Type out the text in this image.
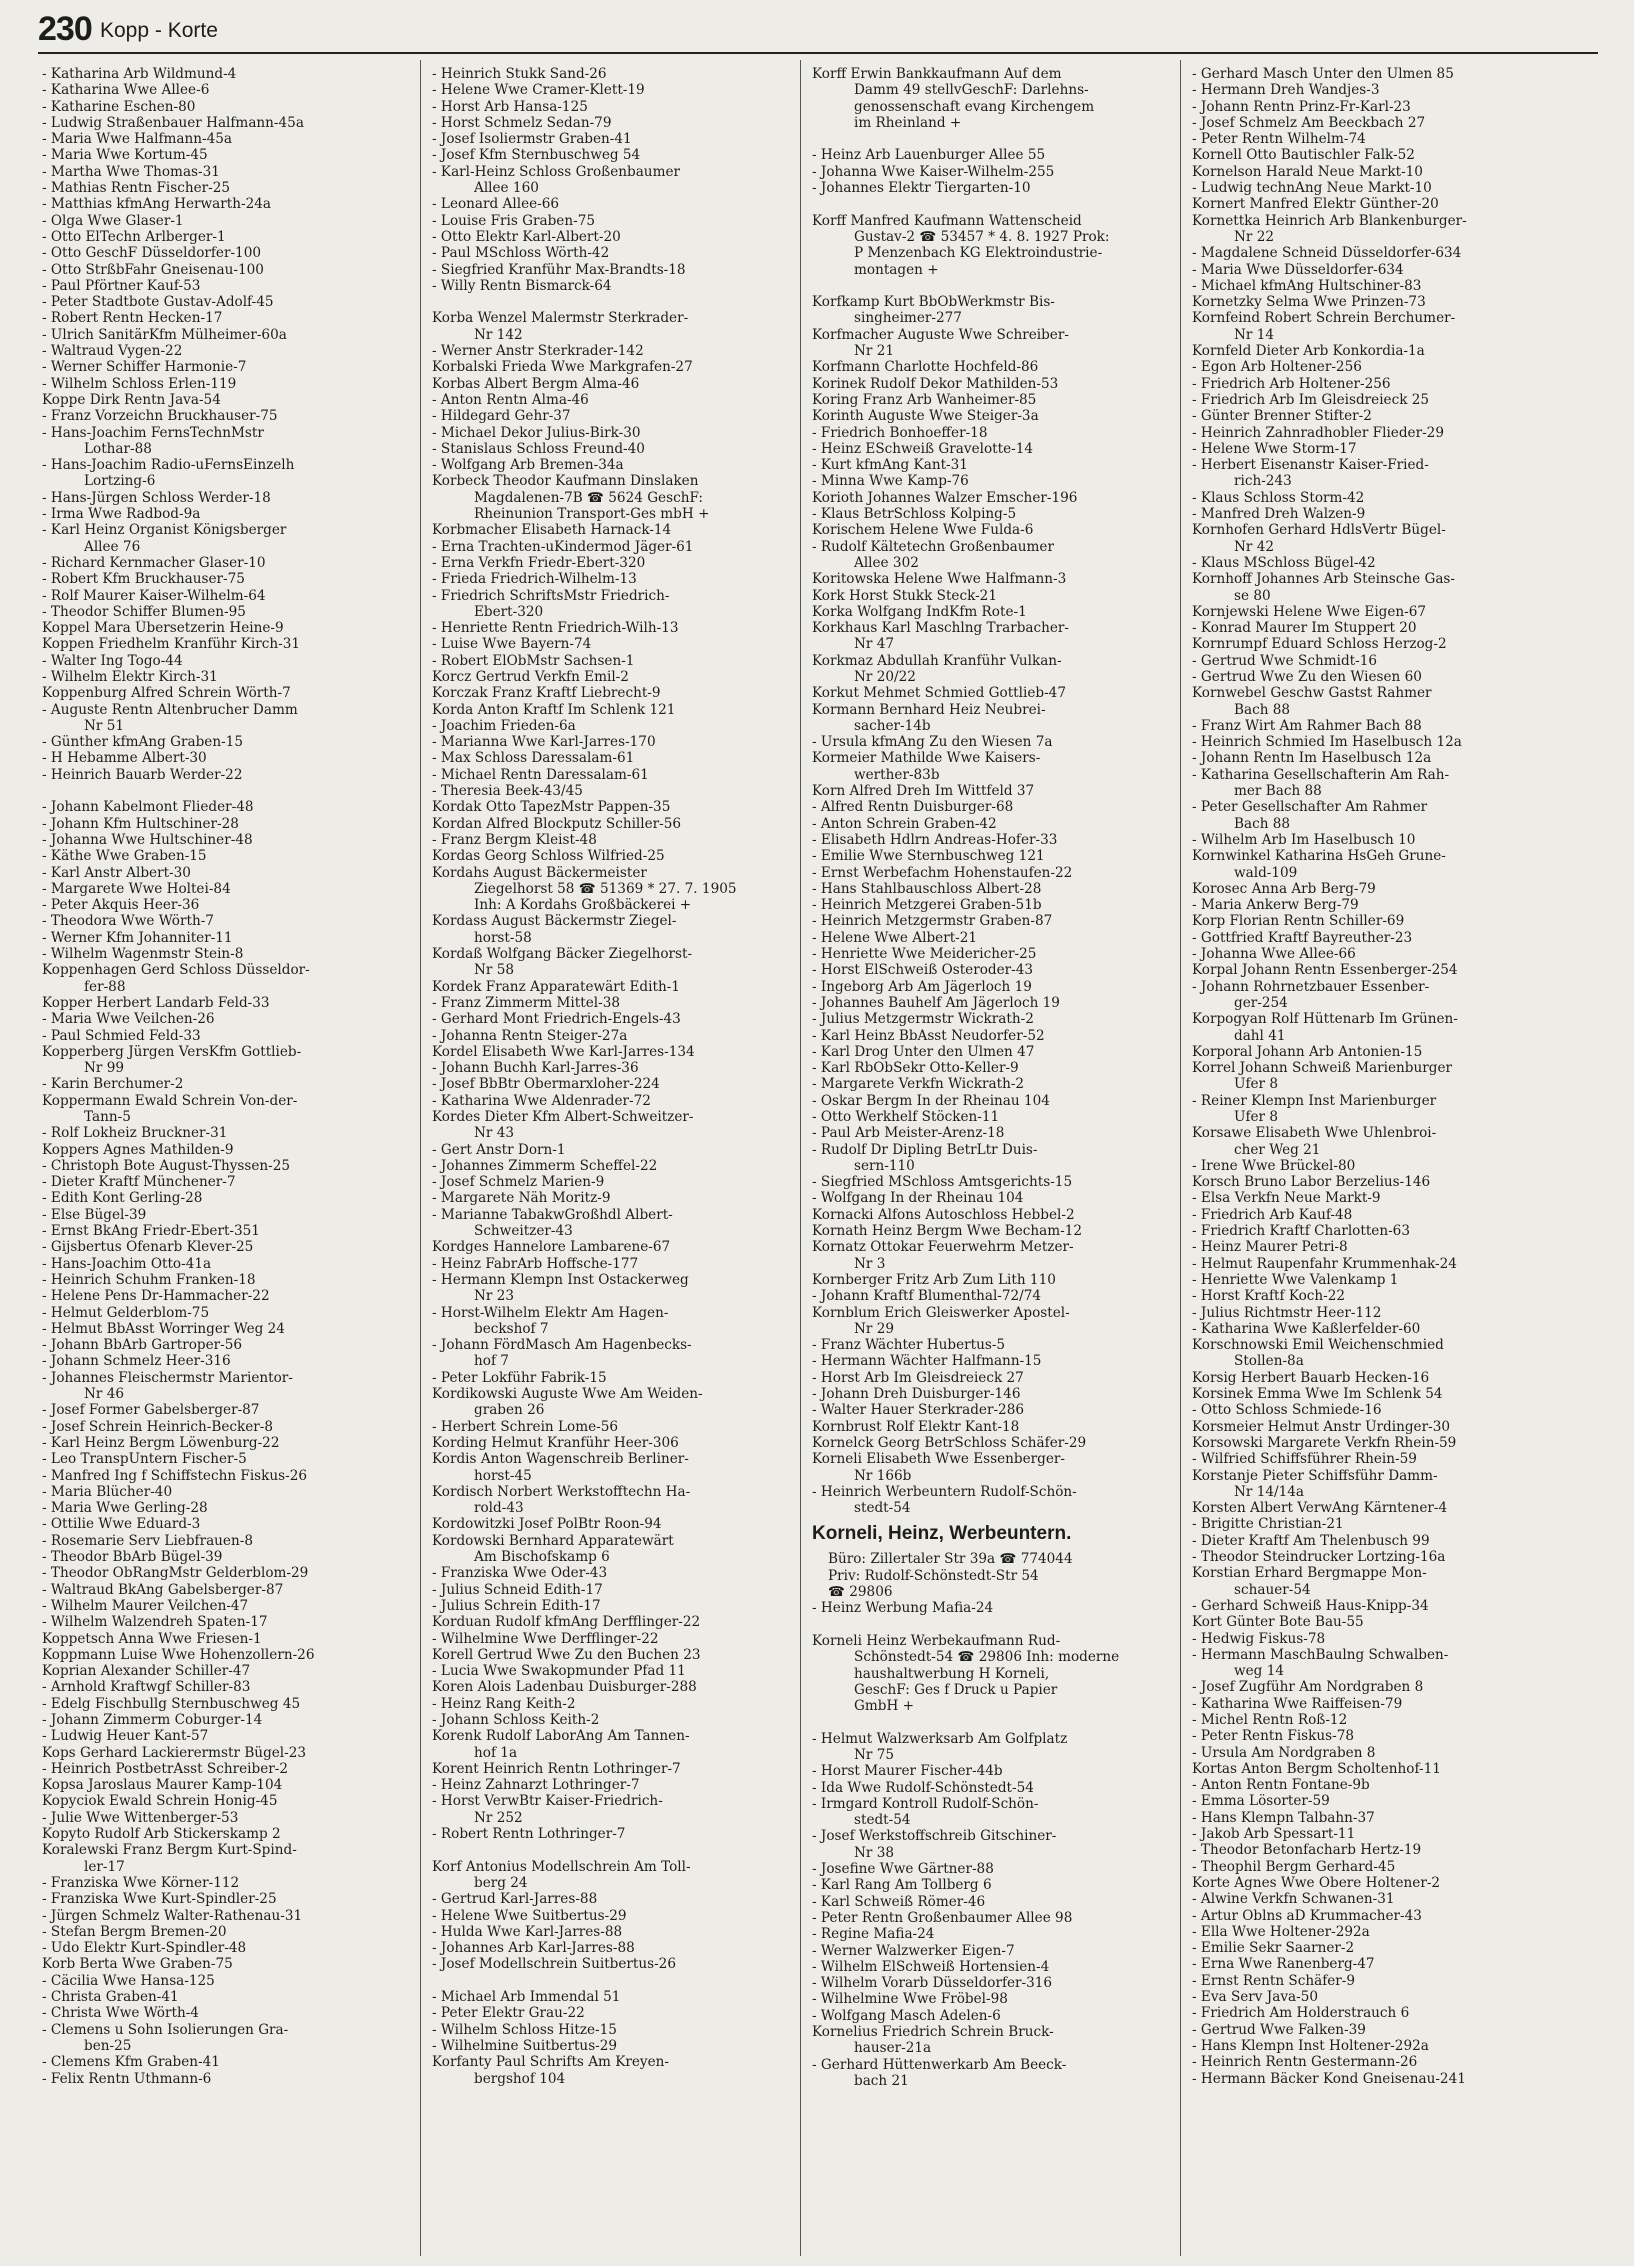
230 Kopp - Korte
- Katharina Arb Wildmund-4
- Katharina Wwe Allee-6
- Katharine Eschen-80
- Ludwig Straßenbauer Halfmann-45a
- Maria Wwe Halfmann-45a
- Maria Wwe Kortum-45
- Martha Wwe Thomas-31
- Mathias Rentn Fischer-25
- Matthias kfmAng Herwarth-24a
- Olga Wwe Glaser-1
- Otto ElTechn Arlberger-1
- Otto GeschF Düsseldorfer-100
- Otto StrßbFahr Gneisenau-100
- Paul Pförtner Kauf-53
- Peter Stadtbote Gustav-Adolf-45
- Robert Rentn Hecken-17
- Ulrich SanitärKfm Mülheimer-60a
- Waltraud Vygen-22
- Werner Schiffer Harmonie-7
- Wilhelm Schloss Erlen-119
Koppe Dirk Rentn Java-54
- Franz Vorzeichn Bruckhauser-75
- Hans-Joachim FernsTechnMstr
Lothar-88
- Hans-Joachim Radio-uFernsEinzelh
Lortzing-6
- Hans-Jürgen Schloss Werder-18
- Irma Wwe Radbod-9a
- Karl Heinz Organist Königsberger
Allee 76
- Richard Kernmacher Glaser-10
- Robert Kfm Bruckhauser-75
- Rolf Maurer Kaiser-Wilhelm-64
- Theodor Schiffer Blumen-95
Koppel Mara Übersetzerin Heine-9
Koppen Friedhelm Kranführ Kirch-31
- Walter Ing Togo-44
- Wilhelm Elektr Kirch-31
Koppenburg Alfred Schrein Wörth-7
- Auguste Rentn Altenbrucher Damm
Nr 51
- Günther kfmAng Graben-15
- H Hebamme Albert-30
- Heinrich Bauarb Werder-22

- Johann Kabelmont Flieder-48
- Johann Kfm Hultschiner-28
- Johanna Wwe Hultschiner-48
- Käthe Wwe Graben-15
- Karl Anstr Albert-30
- Margarete Wwe Holtei-84
- Peter Akquis Heer-36
- Theodora Wwe Wörth-7
- Werner Kfm Johanniter-11
- Wilhelm Wagenmstr Stein-8
Koppenhagen Gerd Schloss Düsseldor-
fer-88
Kopper Herbert Landarb Feld-33
- Maria Wwe Veilchen-26
- Paul Schmied Feld-33
Kopperberg Jürgen VersKfm Gottlieb-
Nr 99
- Karin Berchumer-2
Koppermann Ewald Schrein Von-der-
Tann-5
- Rolf Lokheiz Bruckner-31
Koppers Agnes Mathilden-9
- Christoph Bote August-Thyssen-25
- Dieter Kraftf Münchener-7
- Edith Kont Gerling-28
- Else Bügel-39
- Ernst BkAng Friedr-Ebert-351
- Gijsbertus Ofenarb Klever-25
- Hans-Joachim Otto-41a
- Heinrich Schuhm Franken-18
- Helene Pens Dr-Hammacher-22
- Helmut Gelderblom-75
- Helmut BbAsst Worringer Weg 24
- Johann BbArb Gartroper-56
- Johann Schmelz Heer-316
- Johannes Fleischermstr Marientor-
Nr 46
- Josef Former Gabelsberger-87
- Josef Schrein Heinrich-Becker-8
- Karl Heinz Bergm Löwenburg-22
- Leo TranspUntern Fischer-5
- Manfred Ing f Schiffstechn Fiskus-26
- Maria Blücher-40
- Maria Wwe Gerling-28
- Ottilie Wwe Eduard-3
- Rosemarie Serv Liebfrauen-8
- Theodor BbArb Bügel-39
- Theodor ObRangMstr Gelderblom-29
- Waltraud BkAng Gabelsberger-87
- Wilhelm Maurer Veilchen-47
- Wilhelm Walzendreh Spaten-17
Koppetsch Anna Wwe Friesen-1
Koppmann Luise Wwe Hohenzollern-26
Koprian Alexander Schiller-47
- Arnhold Kraftwgf Schiller-83
- Edelg Fischbullg Sternbuschweg 45
- Johann Zimmerm Coburger-14
- Ludwig Heuer Kant-57
Kops Gerhard Lackierermstr Bügel-23
- Heinrich PostbetrAsst Schreiber-2
Kopsa Jaroslaus Maurer Kamp-104
Kopyciok Ewald Schrein Honig-45
- Julie Wwe Wittenberger-53
Kopyto Rudolf Arb Stickerskamp 2
Koralewski Franz Bergm Kurt-Spind-
ler-17
- Franziska Wwe Körner-112
- Franziska Wwe Kurt-Spindler-25
- Jürgen Schmelz Walter-Rathenau-31
- Stefan Bergm Bremen-20
- Udo Elektr Kurt-Spindler-48
Korb Berta Wwe Graben-75
- Cäcilia Wwe Hansa-125
- Christa Graben-41
- Christa Wwe Wörth-4
- Clemens u Sohn Isolierungen Gra-
ben-25
- Clemens Kfm Graben-41
- Felix Rentn Uthmann-6
- Heinrich Stukk Sand-26
- Helene Wwe Cramer-Klett-19
- Horst Arb Hansa-125
- Horst Schmelz Sedan-79
- Josef Isoliermstr Graben-41
- Josef Kfm Sternbuschweg 54
- Karl-Heinz Schloss Großenbaumer
Allee 160
- Leonard Allee-66
- Louise Fris Graben-75
- Otto Elektr Karl-Albert-20
- Paul MSchloss Wörth-42
- Siegfried Kranführ Max-Brandts-18
- Willy Rentn Bismarck-64

Korba Wenzel Malermstr Sterkrader-
Nr 142
- Werner Anstr Sterkrader-142
Korbalski Frieda Wwe Markgrafen-27
Korbas Albert Bergm Alma-46
- Anton Rentn Alma-46
- Hildegard Gehr-37
- Michael Dekor Julius-Birk-30
- Stanislaus Schloss Freund-40
- Wolfgang Arb Bremen-34a
Korbeck Theodor Kaufmann Dinslaken
Magdalenen-7B ☎ 5624 GeschF:
Rheinunion Transport-Ges mbH +
Korbmacher Elisabeth Harnack-14
- Erna Trachten-uKindermod Jäger-61
- Erna Verkfn Friedr-Ebert-320
- Frieda Friedrich-Wilhelm-13
- Friedrich SchriftsMstr Friedrich-
Ebert-320
- Henriette Rentn Friedrich-Wilh-13
- Luise Wwe Bayern-74
- Robert ElObMstr Sachsen-1
Korcz Gertrud Verkfn Emil-2
Korczak Franz Kraftf Liebrecht-9
Korda Anton Kraftf Im Schlenk 121
- Joachim Frieden-6a
- Marianna Wwe Karl-Jarres-170
- Max Schloss Daressalam-61
- Michael Rentn Daressalam-61
- Theresia Beek-43/45
Kordak Otto TapezMstr Pappen-35
Kordan Alfred Blockputz Schiller-56
- Franz Bergm Kleist-48
Kordas Georg Schloss Wilfried-25
Kordahs August Bäckermeister
Ziegelhorst 58 ☎ 51369 * 27. 7. 1905
Inh: A Kordahs Großbäckerei +
Kordass August Bäckermstr Ziegel-
horst-58
Kordaß Wolfgang Bäcker Ziegelhorst-
Nr 58
Kordek Franz Apparatewärt Edith-1
- Franz Zimmerm Mittel-38
- Gerhard Mont Friedrich-Engels-43
- Johanna Rentn Steiger-27a
Kordel Elisabeth Wwe Karl-Jarres-134
- Johann Buchh Karl-Jarres-36
- Josef BbBtr Obermarxloher-224
- Katharina Wwe Aldenrader-72
Kordes Dieter Kfm Albert-Schweitzer-
Nr 43
- Gert Anstr Dorn-1
- Johannes Zimmerm Scheffel-22
- Josef Schmelz Marien-9
- Margarete Näh Moritz-9
- Marianne TabakwGroßhdl Albert-
Schweitzer-43
Kordges Hannelore Lambarene-67
- Heinz FabrArb Hoffsche-177
- Hermann Klempn Inst Ostackerweg
Nr 23
- Horst-Wilhelm Elektr Am Hagen-
beckshof 7
- Johann FördMasch Am Hagenbecks-
hof 7
- Peter Lokführ Fabrik-15
Kordikowski Auguste Wwe Am Weiden-
graben 26
- Herbert Schrein Lome-56
Kording Helmut Kranführ Heer-306
Kordis Anton Wagenschreib Berliner-
horst-45
Kordisch Norbert Werkstofftechn Ha-
rold-43
Kordowitzki Josef PolBtr Roon-94
Kordowski Bernhard Apparatewärt
Am Bischofskamp 6
- Franziska Wwe Oder-43
- Julius Schneid Edith-17
- Julius Schrein Edith-17
Korduan Rudolf kfmAng Derfflinger-22
- Wilhelmine Wwe Derfflinger-22
Korell Gertrud Wwe Zu den Buchen 23
- Lucia Wwe Swakopmunder Pfad 11
Koren Alois Ladenbau Duisburger-288
- Heinz Rang Keith-2
- Johann Schloss Keith-2
Korenk Rudolf LaborAng Am Tannen-
hof 1a
Korent Heinrich Rentn Lothringer-7
- Heinz Zahnarzt Lothringer-7
- Horst VerwBtr Kaiser-Friedrich-
Nr 252
- Robert Rentn Lothringer-7

Korf Antonius Modellschrein Am Toll-
berg 24
- Gertrud Karl-Jarres-88
- Helene Wwe Suitbertus-29
- Hulda Wwe Karl-Jarres-88
- Johannes Arb Karl-Jarres-88
- Josef Modellschrein Suitbertus-26

- Michael Arb Immendal 51
- Peter Elektr Grau-22
- Wilhelm Schloss Hitze-15
- Wilhelmine Suitbertus-29
Korfanty Paul Schrifts Am Kreyen-
bergshof 104
Korff Erwin Bankkaufmann Auf dem
Damm 49 stellvGeschF: Darlehns-
genossenschaft evang Kirchengem
im Rheinland +

- Heinz Arb Lauenburger Allee 55
- Johanna Wwe Kaiser-Wilhelm-255
- Johannes Elektr Tiergarten-10

Korff Manfred Kaufmann Wattenscheid
Gustav-2 ☎ 53457 * 4. 8. 1927 Prok:
P Menzenbach KG Elektroindustrie-
montagen +

Korfkamp Kurt BbObWerkmstr Bis-
singheimer-277
Korfmacher Auguste Wwe Schreiber-
Nr 21
Korfmann Charlotte Hochfeld-86
Korinek Rudolf Dekor Mathilden-53
Koring Franz Arb Wanheimer-85
Korinth Auguste Wwe Steiger-3a
- Friedrich Bonhoeffer-18
- Heinz ESchweiß Gravelotte-14
- Kurt kfmAng Kant-31
- Minna Wwe Kamp-76
Korioth Johannes Walzer Emscher-196
- Klaus BetrSchloss Kolping-5
Korischem Helene Wwe Fulda-6
- Rudolf Kältetechn Großenbaumer
Allee 302
Koritowska Helene Wwe Halfmann-3
Kork Horst Stukk Steck-21
Korka Wolfgang IndKfm Rote-1
Korkhaus Karl Maschlng Trarbacher-
Nr 47
Korkmaz Abdullah Kranführ Vulkan-
Nr 20/22
Korkut Mehmet Schmied Gottlieb-47
Kormann Bernhard Heiz Neubrei-
sacher-14b
- Ursula kfmAng Zu den Wiesen 7a
Kormeier Mathilde Wwe Kaisers-
werther-83b
Korn Alfred Dreh Im Wittfeld 37
- Alfred Rentn Duisburger-68
- Anton Schrein Graben-42
- Elisabeth Hdlrn Andreas-Hofer-33
- Emilie Wwe Sternbuschweg 121
- Ernst Werbefachm Hohenstaufen-22
- Hans Stahlbauschloss Albert-28
- Heinrich Metzgerei Graben-51b
- Heinrich Metzgermstr Graben-87
- Helene Wwe Albert-21
- Henriette Wwe Meidericher-25
- Horst ElSchweiß Osteroder-43
- Ingeborg Arb Am Jägerloch 19
- Johannes Bauhelf Am Jägerloch 19
- Julius Metzgermstr Wickrath-2
- Karl Heinz BbAsst Neudorfer-52
- Karl Drog Unter den Ulmen 47
- Karl RbObSekr Otto-Keller-9
- Margarete Verkfn Wickrath-2
- Oskar Bergm In der Rheinau 104
- Otto Werkhelf Stöcken-11
- Paul Arb Meister-Arenz-18
- Rudolf Dr Dipling BetrLtr Duis-
sern-110
- Siegfried MSchloss Amtsgerichts-15
- Wolfgang In der Rheinau 104
Kornacki Alfons Autoschloss Hebbel-2
Kornath Heinz Bergm Wwe Becham-12
Kornatz Ottokar Feuerwehrm Metzer-
Nr 3
Kornberger Fritz Arb Zum Lith 110
- Johann Kraftf Blumenthal-72/74
Kornblum Erich Gleiswerker Apostel-
Nr 29
- Franz Wächter Hubertus-5
- Hermann Wächter Halfmann-15
- Horst Arb Im Gleisdreieck 27
- Johann Dreh Duisburger-146
- Walter Hauer Sterkrader-286
Kornbrust Rolf Elektr Kant-18
Kornelck Georg BetrSchloss Schäfer-29
Korneli Elisabeth Wwe Essenberger-
Nr 166b
- Heinrich Werbeuntern Rudolf-Schön-
stedt-54
Korneli, Heinz, Werbeuntern.
Büro: Zillertaler Str 39a ☎ 774044
Priv: Rudolf-Schönstedt-Str 54
☎ 29806
- Heinz Werbung Mafia-24

Korneli Heinz Werbekaufmann Rud-
Schönstedt-54 ☎ 29806 Inh: moderne
haushaltwerbung H Korneli,
GeschF: Ges f Druck u Papier
GmbH +

- Helmut Walzwerksarb Am Golfplatz
Nr 75
- Horst Maurer Fischer-44b
- Ida Wwe Rudolf-Schönstedt-54
- Irmgard Kontroll Rudolf-Schön-
stedt-54
- Josef Werkstoffschreib Gitschiner-
Nr 38
- Josefine Wwe Gärtner-88
- Karl Rang Am Tollberg 6
- Karl Schweiß Römer-46
- Peter Rentn Großenbaumer Allee 98
- Regine Mafia-24
- Werner Walzwerker Eigen-7
- Wilhelm ElSchweiß Hortensien-4
- Wilhelm Vorarb Düsseldorfer-316
- Wilhelmine Wwe Fröbel-98
- Wolfgang Masch Adelen-6
Kornelius Friedrich Schrein Bruck-
hauser-21a
- Gerhard Hüttenwerkarb Am Beeck-
bach 21
- Gerhard Masch Unter den Ulmen 85
- Hermann Dreh Wandjes-3
- Johann Rentn Prinz-Fr-Karl-23
- Josef Schmelz Am Beeckbach 27
- Peter Rentn Wilhelm-74
Kornell Otto Bautischler Falk-52
Kornelson Harald Neue Markt-10
- Ludwig technAng Neue Markt-10
Kornert Manfred Elektr Günther-20
Kornettka Heinrich Arb Blankenburger-
Nr 22
- Magdalene Schneid Düsseldorfer-634
- Maria Wwe Düsseldorfer-634
- Michael kfmAng Hultschiner-83
Kornetzky Selma Wwe Prinzen-73
Kornfeind Robert Schrein Berchumer-
Nr 14
Kornfeld Dieter Arb Konkordia-1a
- Egon Arb Holtener-256
- Friedrich Arb Holtener-256
- Friedrich Arb Im Gleisdreieck 25
- Günter Brenner Stifter-2
- Heinrich Zahnradhobler Flieder-29
- Helene Wwe Storm-17
- Herbert Eisenanstr Kaiser-Fried-
rich-243
- Klaus Schloss Storm-42
- Manfred Dreh Walzen-9
Kornhofen Gerhard HdlsVertr Bügel-
Nr 42
- Klaus MSchloss Bügel-42
Kornhoff Johannes Arb Steinsche Gas-
se 80
Kornjewski Helene Wwe Eigen-67
- Konrad Maurer Im Stuppert 20
Kornrumpf Eduard Schloss Herzog-2
- Gertrud Wwe Schmidt-16
- Gertrud Wwe Zu den Wiesen 60
Kornwebel Geschw Gastst Rahmer
Bach 88
- Franz Wirt Am Rahmer Bach 88
- Heinrich Schmied Im Haselbusch 12a
- Johann Rentn Im Haselbusch 12a
- Katharina Gesellschafterin Am Rah-
mer Bach 88
- Peter Gesellschafter Am Rahmer
Bach 88
- Wilhelm Arb Im Haselbusch 10
Kornwinkel Katharina HsGeh Grune-
wald-109
Korosec Anna Arb Berg-79
- Maria Ankerw Berg-79
Korp Florian Rentn Schiller-69
- Gottfried Kraftf Bayreuther-23
- Johanna Wwe Allee-66
Korpal Johann Rentn Essenberger-254
- Johann Rohrnetzbauer Essenber-
ger-254
Korpogyan Rolf Hüttenarb Im Grünen-
dahl 41
Korporal Johann Arb Antonien-15
Korrel Johann Schweiß Marienburger
Ufer 8
- Reiner Klempn Inst Marienburger
Ufer 8
Korsawe Elisabeth Wwe Uhlenbroi-
cher Weg 21
- Irene Wwe Brückel-80
Korsch Bruno Labor Berzelius-146
- Elsa Verkfn Neue Markt-9
- Friedrich Arb Kauf-48
- Friedrich Kraftf Charlotten-63
- Heinz Maurer Petri-8
- Helmut Raupenfahr Krummenhak-24
- Henriette Wwe Valenkamp 1
- Horst Kraftf Koch-22
- Julius Richtmstr Heer-112
- Katharina Wwe Kaßlerfelder-60
Korschnowski Emil Weichenschmied
Stollen-8a
Korsig Herbert Bauarb Hecken-16
Korsinek Emma Wwe Im Schlenk 54
- Otto Schloss Schmiede-16
Korsmeier Helmut Anstr Ürdinger-30
Korsowski Margarete Verkfn Rhein-59
- Wilfried Schiffsführer Rhein-59
Korstanje Pieter Schiffsführ Damm-
Nr 14/14a
Korsten Albert VerwAng Kärntener-4
- Brigitte Christian-21
- Dieter Kraftf Am Thelenbusch 99
- Theodor Steindrucker Lortzing-16a
Korstian Erhard Bergmappe Mon-
schauer-54
- Gerhard Schweiß Haus-Knipp-34
Kort Günter Bote Bau-55
- Hedwig Fiskus-78
- Hermann MaschBaulng Schwalben-
weg 14
- Josef Zugführ Am Nordgraben 8
- Katharina Wwe Raiffeisen-79
- Michel Rentn Roß-12
- Peter Rentn Fiskus-78
- Ursula Am Nordgraben 8
Kortas Anton Bergm Scholtenhof-11
- Anton Rentn Fontane-9b
- Emma Lösorter-59
- Hans Klempn Talbahn-37
- Jakob Arb Spessart-11
- Theodor Betonfacharb Hertz-19
- Theophil Bergm Gerhard-45
Korte Agnes Wwe Obere Holtener-2
- Alwine Verkfn Schwanen-31
- Artur Oblns aD Krummacher-43
- Ella Wwe Holtener-292a
- Emilie Sekr Saarner-2
- Erna Wwe Ranenberg-47
- Ernst Rentn Schäfer-9
- Eva Serv Java-50
- Friedrich Am Holderstrauch 6
- Gertrud Wwe Falken-39
- Hans Klempn Inst Holtener-292a
- Heinrich Rentn Gestermann-26
- Hermann Bäcker Kond Gneisenau-241
